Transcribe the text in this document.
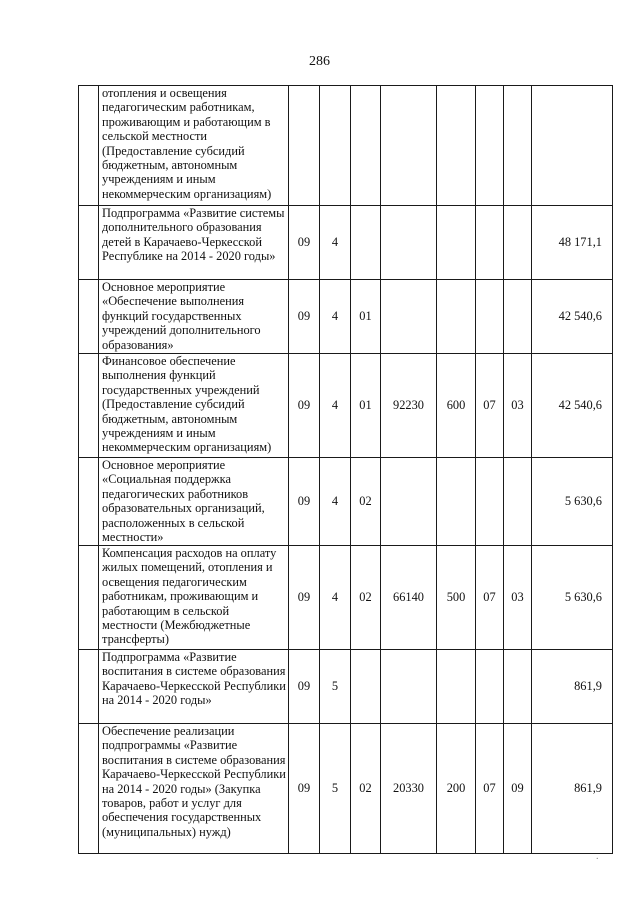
286
	отопления и освещения педагогическим работникам, проживающим и работающим в сельской местности (Предоставление субсидий бюджетным, автономным учреждениям и иным некоммерческим организациям)								
	Подпрограмма «Развитие системы дополнительного образования детей в Карачаево-Черкесской Республике на 2014 - 2020 годы»	09	4						48 171,1
	Основное мероприятие «Обеспечение выполнения функций государственных учреждений дополнительного образования»	09	4	01					42 540,6
	Финансовое обеспечение выполнения функций государственных учреждений (Предоставление субсидий бюджетным, автономным учреждениям и иным некоммерческим организациям)	09	4	01	92230	600	07	03	42 540,6
	Основное мероприятие «Социальная поддержка педагогических работников образовательных организаций, расположенных в сельской местности»	09	4	02					5 630,6
	Компенсация расходов на оплату жилых помещений, отопления и освещения педагогическим работникам, проживающим и работающим в сельской местности (Межбюджетные трансферты)	09	4	02	66140	500	07	03	5 630,6
	Подпрограмма «Развитие воспитания в системе образования Карачаево-Черкесской Республики на 2014 - 2020 годы»	09	5						861,9
	Обеспечение реализации подпрограммы «Развитие воспитания в системе образования Карачаево-Черкесской Республики на 2014 - 2020 годы» (Закупка товаров, работ и услуг для обеспечения государственных (муниципальных) нужд)	09	5	02	20330	200	07	09	861,9
.
